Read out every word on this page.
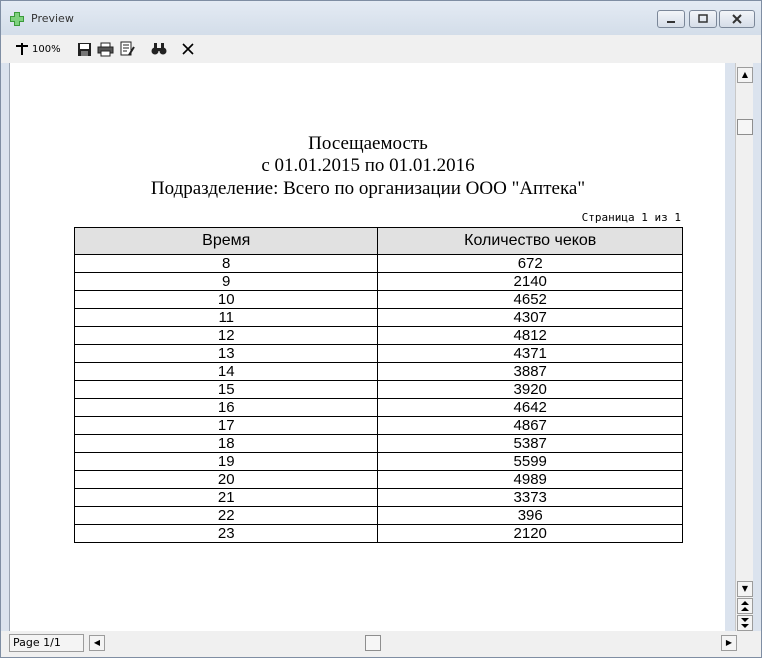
Preview
100%
Посещаемость
с 01.01.2015 по 01.01.2016
Подразделение: Всего по организации ООО "Аптека"
Страница 1 из 1
Время	Количество чеков
8	672
9	2140
10	4652
11	4307
12	4812
13	4371
14	3887
15	3920
16	4642
17	4867
18	5387
19	5599
20	4989
21	3373
22	396
23	2120
▲
▼
Page 1/1	◀	▶
